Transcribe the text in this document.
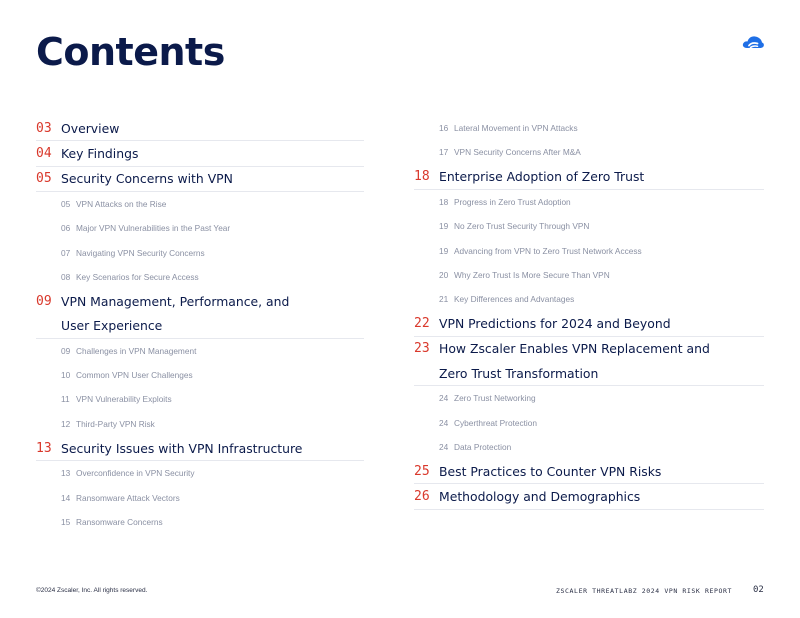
Contents
03 Overview
04 Key Findings
05 Security Concerns with VPN
05 VPN Attacks on the Rise
06 Major VPN Vulnerabilities in the Past Year
07 Navigating VPN Security Concerns
08 Key Scenarios for Secure Access
09 VPN Management, Performance, and
User Experience
09 Challenges in VPN Management
10 Common VPN User Challenges
11 VPN Vulnerability Exploits
12 Third-Party VPN Risk
13 Security Issues with VPN Infrastructure
13 Overconfidence in VPN Security
14 Ransomware Attack Vectors
15 Ransomware Concerns
16 Lateral Movement in VPN Attacks
17 VPN Security Concerns After M&A
18 Enterprise Adoption of Zero Trust
18 Progress in Zero Trust Adoption
19 No Zero Trust Security Through VPN
19 Advancing from VPN to Zero Trust Network Access
20 Why Zero Trust Is More Secure Than VPN
21 Key Differences and Advantages
22 VPN Predictions for 2024 and Beyond
23 How Zscaler Enables VPN Replacement and
Zero Trust Transformation
24 Zero Trust Networking
24 Cyberthreat Protection
24 Data Protection
25 Best Practices to Counter VPN Risks
26 Methodology and Demographics
©2024 Zscaler, Inc. All rights reserved.	ZSCALER THREATLABZ 2024 VPN RISK REPORT 02
